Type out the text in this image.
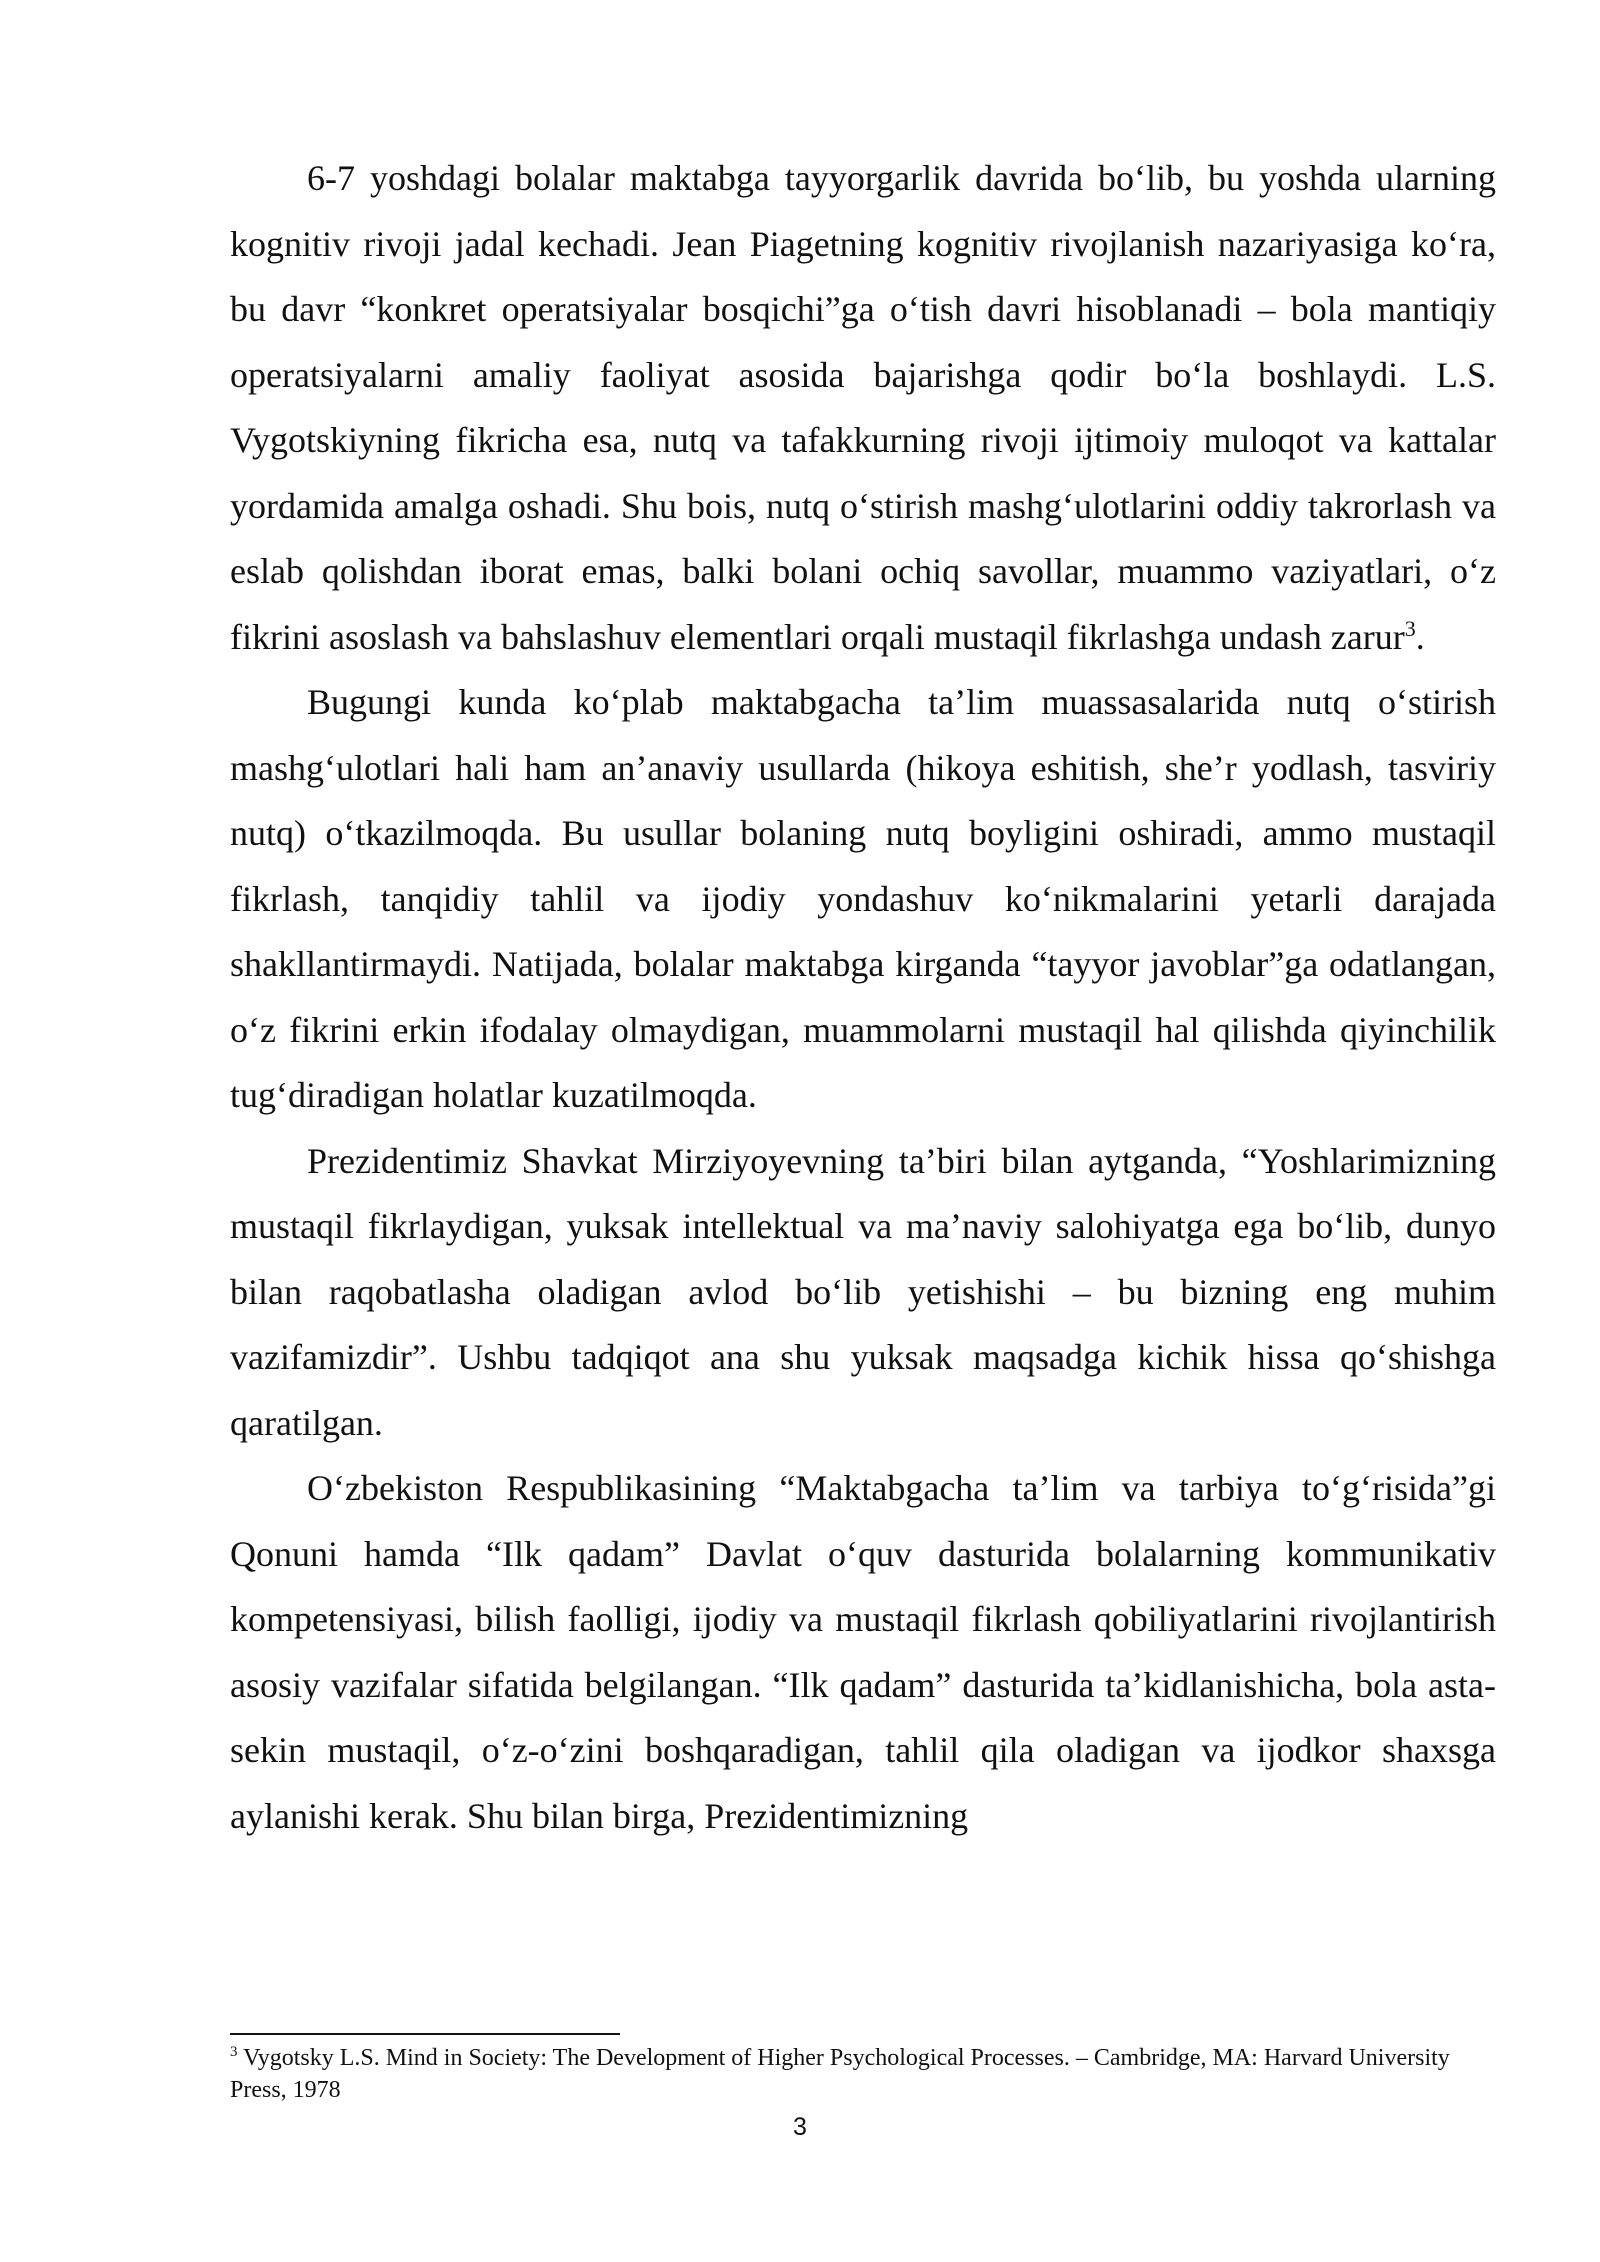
6-7 yoshdagi bolalar maktabga tayyorgarlik davrida bo‘lib, bu yoshda ularning kognitiv rivoji jadal kechadi. Jean Piagetning kognitiv rivojlanish nazariyasiga ko‘ra, bu davr “konkret operatsiyalar bosqichi”ga o‘tish davri hisoblanadi – bola mantiqiy operatsiyalarni amaliy faoliyat asosida bajarishga qodir bo‘la boshlaydi. L.S. Vygotskiyning fikricha esa, nutq va tafakkurning rivoji ijtimoiy muloqot va kattalar yordamida amalga oshadi. Shu bois, nutq o‘stirish mashg‘ulotlarini oddiy takrorlash va eslab qolishdan iborat emas, balki bolani ochiq savollar, muammo vaziyatlari, o‘z fikrini asoslash va bahslashuv elementlari orqali mustaqil fikrlashga undash zarur$^3$.

Bugungi kunda ko‘plab maktabgacha ta’lim muassasalarida nutq o‘stirish mashg‘ulotlari hali ham an’anaviy usullarda (hikoya eshitish, she’r yodlash, tasviriy nutq) o‘tkazilmoqda. Bu usullar bolaning nutq boyligini oshiradi, ammo mustaqil fikrlash, tanqidiy tahlil va ijodiy yondashuv ko‘nikmalarini yetarli darajada shakllantirmaydi. Natijada, bolalar maktabga kirganda “tayyor javoblar”ga odatlangan, o‘z fikrini erkin ifodalay olmaydigan, muammolarni mustaqil hal qilishda qiyinchilik tug‘diradigan holatlar kuzatilmoqda.

Prezidentimiz Shavkat Mirziyoyevning ta’biri bilan aytganda, “Yoshlarimizning mustaqil fikrlaydigan, yuksak intellektual va ma’naviy salohiyatga ega bo‘lib, dunyo bilan raqobatlasha oladigan avlod bo‘lib yetishishi – bu bizning eng muhim vazifamizdir”. Ushbu tadqiqot ana shu yuksak maqsadga kichik hissa qo‘shishga qaratilgan.

O‘zbekiston Respublikasining “Maktabgacha ta’lim va tarbiya to‘g‘risida”gi Qonuni hamda “Ilk qadam” Davlat o‘quv dasturida bolalarning kommunikativ kompetensiyasi, bilish faolligi, ijodiy va mustaqil fikrlash qobiliyatlarini rivojlantirish asosiy vazifalar sifatida belgilangan. “Ilk qadam” dasturida ta’kidlanishicha, bola asta-sekin mustaqil, o‘z-o‘zini boshqaradigan, tahlil qila oladigan va ijodkor shaxsga aylanishi kerak. Shu bilan birga, Prezidentimizning

$^3$ Vygotsky L.S. Mind in Society: The Development of Higher Psychological Processes. – Cambridge, MA: Harvard University Press, 1978

3
